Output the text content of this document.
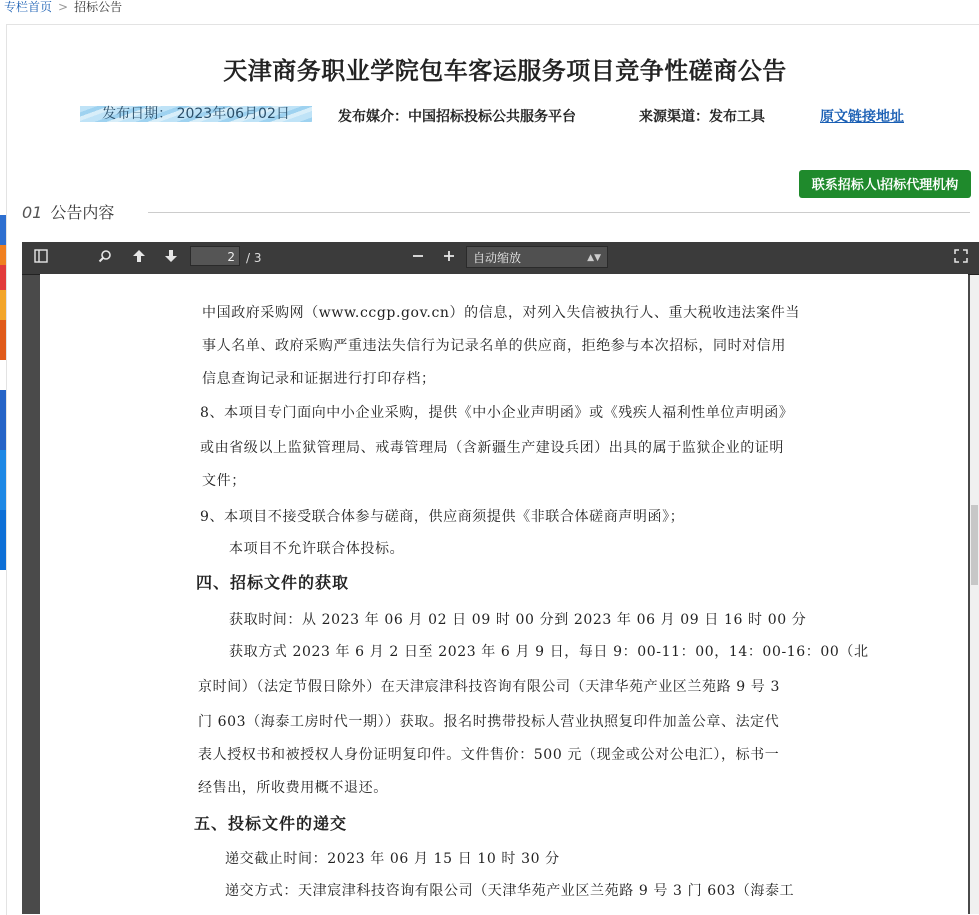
专栏首页 > 招标公告
天津商务职业学院包车客运服务项目竞争性磋商公告
发布日期： 2023年06月02日	发布媒介：中国招标投标公共服务平台	来源渠道：发布工具	原文链接地址
联系招标人\招标代理机构
01 公告内容
2 / 3	自动缩放	▲▼
中国政府采购网（www.ccgp.gov.cn）的信息，对列入失信被执行人、重大税收违法案件当
事人名单、政府采购严重违法失信行为记录名单的供应商，拒绝参与本次招标，同时对信用
信息查询记录和证据进行打印存档；
8、本项目专门面向中小企业采购，提供《中小企业声明函》或《残疾人福利性单位声明函》
或由省级以上监狱管理局、戒毒管理局（含新疆生产建设兵团）出具的属于监狱企业的证明
文件；
9、本项目不接受联合体参与磋商，供应商须提供《非联合体磋商声明函》；
本项目不允许联合体投标。
四、招标文件的获取
获取时间：从 2023 年 06 月 02 日 09 时 00 分到 2023 年 06 月 09 日 16 时 00 分
获取方式 2023 年 6 月 2 日至 2023 年 6 月 9 日，每日 9：00-11：00，14：00-16：00（北
京时间）（法定节假日除外）在天津宸津科技咨询有限公司（天津华苑产业区兰苑路 9 号 3
门 603（海泰工房时代一期））获取。报名时携带投标人营业执照复印件加盖公章、法定代
表人授权书和被授权人身份证明复印件。文件售价：500 元（现金或公对公电汇），标书一
经售出，所收费用概不退还。
五、投标文件的递交
递交截止时间：2023 年 06 月 15 日 10 时 30 分
递交方式：天津宸津科技咨询有限公司（天津华苑产业区兰苑路 9 号 3 门 603（海泰工
